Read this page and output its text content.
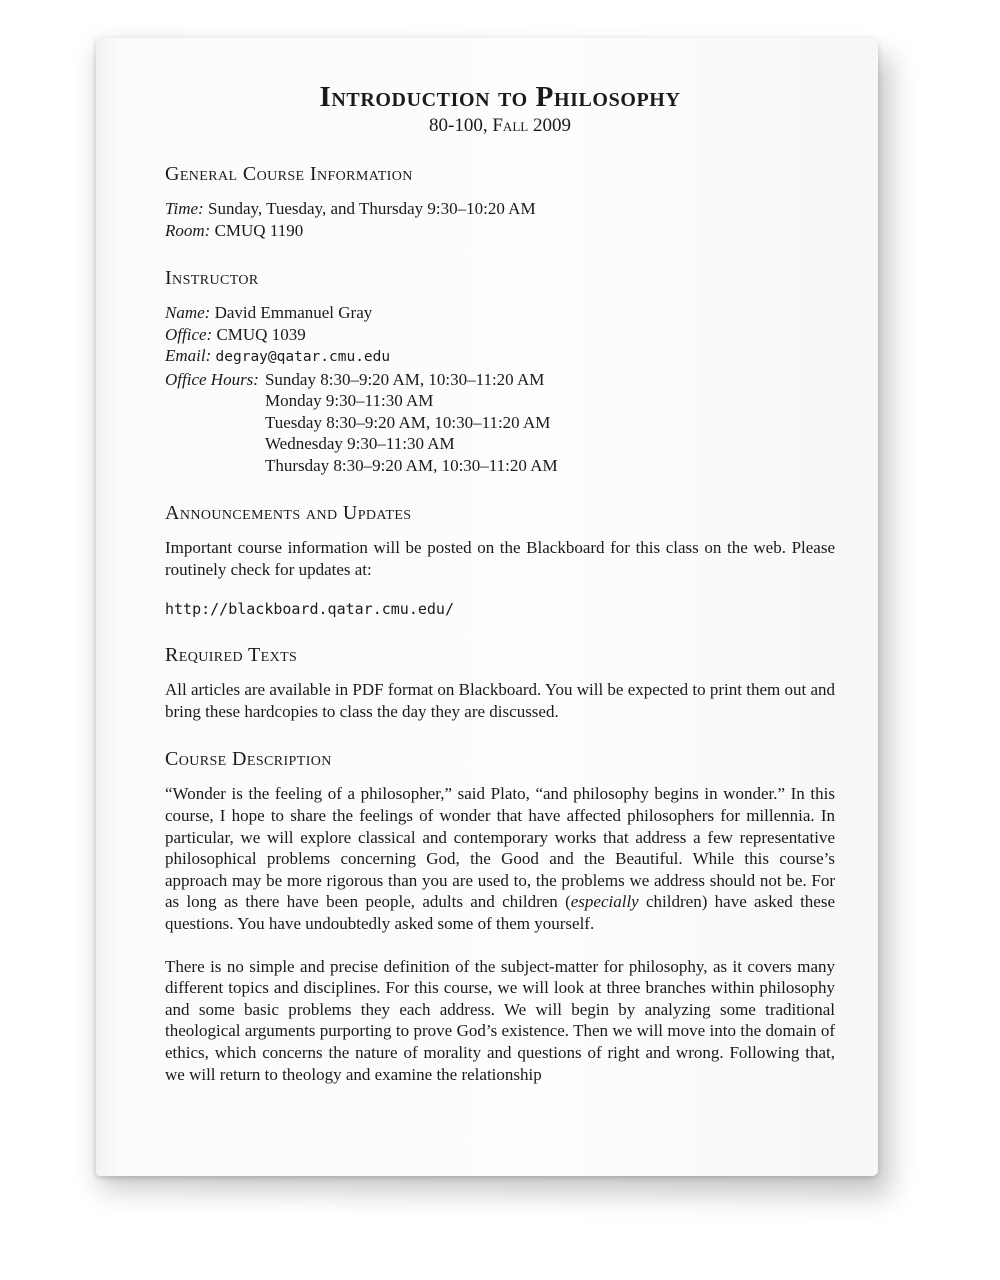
Introduction to Philosophy

80-100, Fall 2009

General Course Information
Time: Sunday, Tuesday, and Thursday 9:30–10:20 AM
Room: CMUQ 1190
Instructor
Name: David Emmanuel Gray
Office: CMUQ 1039
Email: degray@qatar.cmu.edu
Office Hours: Sunday 8:30–9:20 AM, 10:30–11:20 AM
Monday 9:30–11:30 AM
Tuesday 8:30–9:20 AM, 10:30–11:20 AM
Wednesday 9:30–11:30 AM
Thursday 8:30–9:20 AM, 10:30–11:20 AM
Announcements and Updates

Important course information will be posted on the Blackboard for this class on the web. Please routinely check for updates at:

http://blackboard.qatar.cmu.edu/
Required Texts

All articles are available in PDF format on Blackboard. You will be expected to print them out and bring these hardcopies to class the day they are discussed.

Course Description

“Wonder is the feeling of a philosopher,” said Plato, “and philosophy begins in wonder.” In this course, I hope to share the feelings of wonder that have affected philosophers for millennia. In particular, we will explore classical and contemporary works that address a few representative philosophical problems concerning God, the Good and the Beautiful. While this course’s approach may be more rigorous than you are used to, the problems we address should not be. For as long as there have been people, adults and children (especially children) have asked these questions. You have undoubtedly asked some of them yourself.

There is no simple and precise definition of the subject-matter for philosophy, as it covers many different topics and disciplines. For this course, we will look at three branches within philosophy and some basic problems they each address. We will begin by analyzing some traditional theological arguments purporting to prove God’s existence. Then we will move into the domain of ethics, which concerns the nature of morality and questions of right and wrong. Following that, we will return to theology and examine the relationship
